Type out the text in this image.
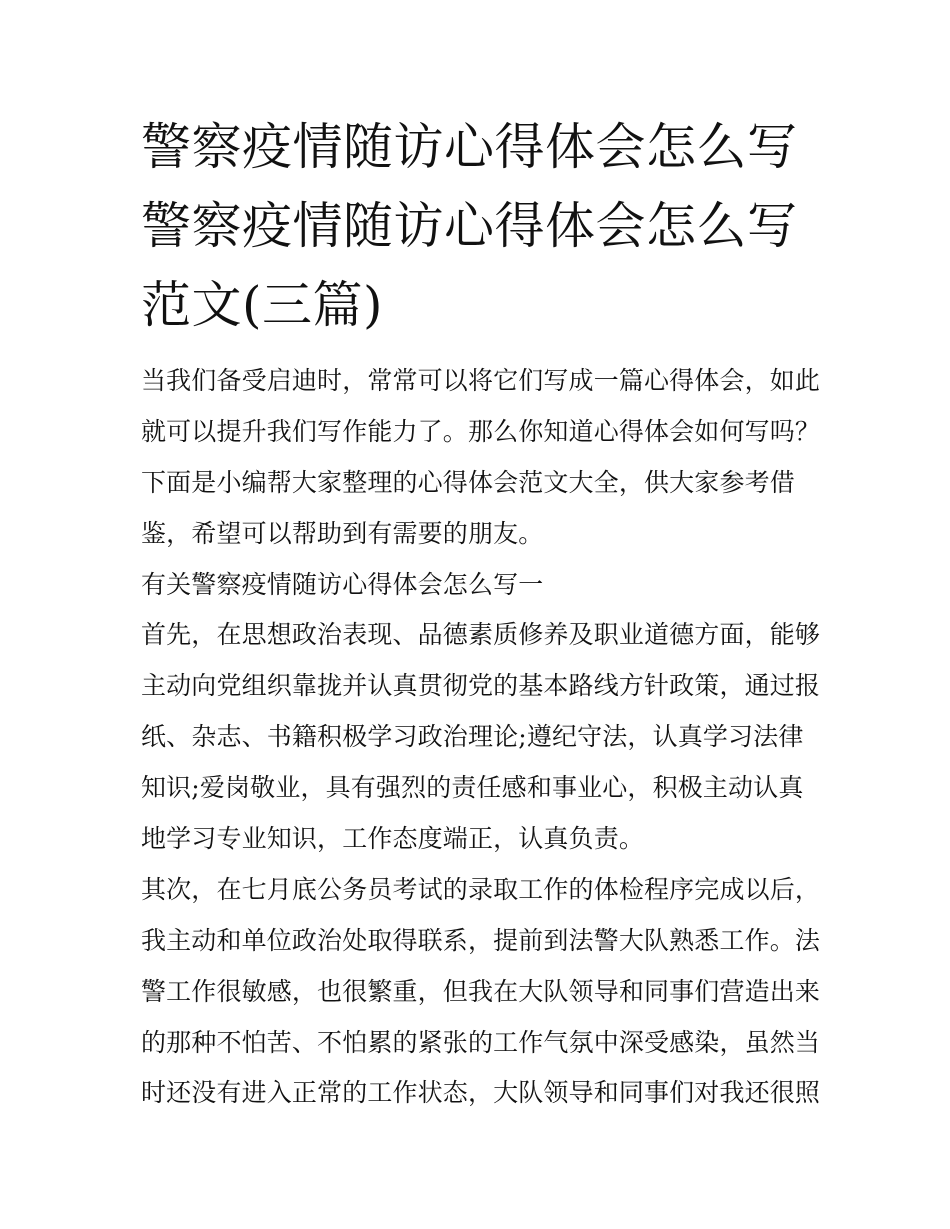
警察疫情随访心得体会怎么写
警察疫情随访心得体会怎么写
范文(三篇)
当我们备受启迪时，常常可以将它们写成一篇心得体会，如此
就可以提升我们写作能力了。那么你知道心得体会如何写吗？
下面是小编帮大家整理的心得体会范文大全，供大家参考借
鉴，希望可以帮助到有需要的朋友。
有关警察疫情随访心得体会怎么写一
首先，在思想政治表现、品德素质修养及职业道德方面，能够
主动向党组织靠拢并认真贯彻党的基本路线方针政策，通过报
纸、杂志、书籍积极学习政治理论;遵纪守法，认真学习法律
知识;爱岗敬业，具有强烈的责任感和事业心，积极主动认真
地学习专业知识，工作态度端正，认真负责。
其次，在七月底公务员考试的录取工作的体检程序完成以后，
我主动和单位政治处取得联系，提前到法警大队熟悉工作。法
警工作很敏感，也很繁重，但我在大队领导和同事们营造出来
的那种不怕苦、不怕累的紧张的工作气氛中深受感染，虽然当
时还没有进入正常的工作状态，大队领导和同事们对我还很照
